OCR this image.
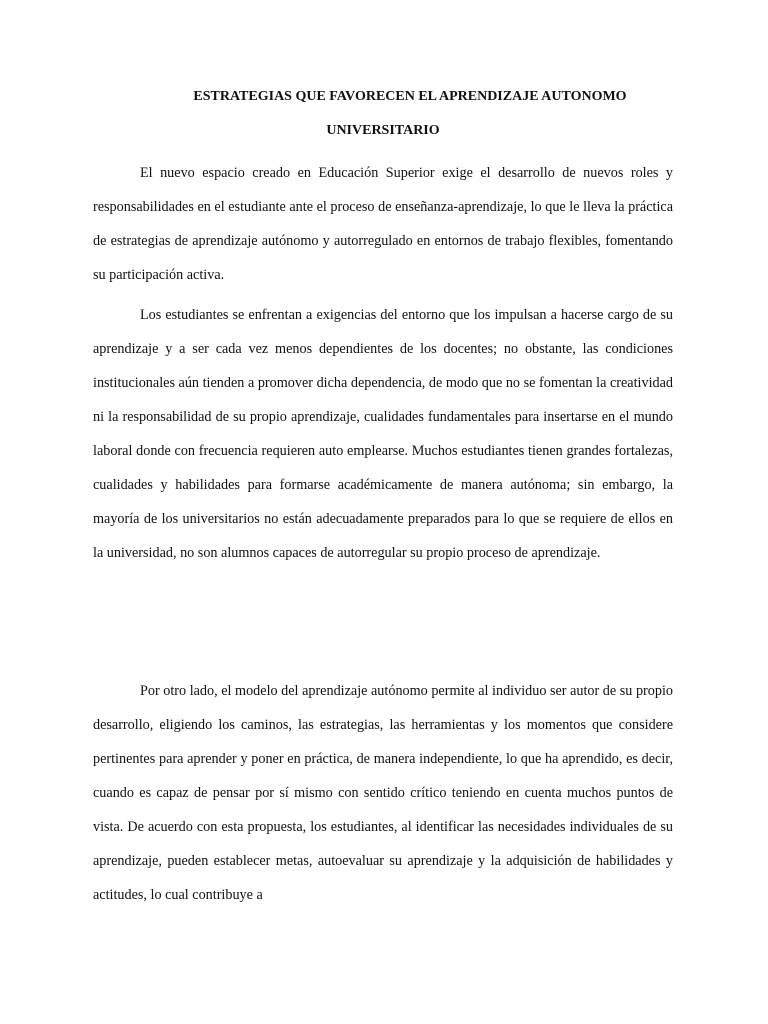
ESTRATEGIAS QUE FAVORECEN EL APRENDIZAJE AUTONOMO
UNIVERSITARIO

El nuevo espacio creado en Educación Superior exige el desarrollo de nuevos roles y responsabilidades en el estudiante ante el proceso de enseñanza-aprendizaje, lo que le lleva la práctica de estrategias de aprendizaje autónomo y autorregulado en entornos de trabajo flexibles, fomentando su participación activa.

Los estudiantes se enfrentan a exigencias del entorno que los impulsan a hacerse cargo de su aprendizaje y a ser cada vez menos dependientes de los docentes; no obstante, las condiciones institucionales aún tienden a promover dicha dependencia, de modo que no se fomentan la creatividad ni la responsabilidad de su propio aprendizaje, cualidades fundamentales para insertarse en el mundo laboral donde con frecuencia requieren auto emplearse. Muchos estudiantes tienen grandes fortalezas, cualidades y habilidades para formarse académicamente de manera autónoma; sin embargo, la mayoría de los universitarios no están adecuadamente preparados para lo que se requiere de ellos en la universidad, no son alumnos capaces de autorregular su propio proceso de aprendizaje.

Por otro lado, el modelo del aprendizaje autónomo permite al individuo ser autor de su propio desarrollo, eligiendo los caminos, las estrategias, las herramientas y los momentos que considere pertinentes para aprender y poner en práctica, de manera independiente, lo que ha aprendido, es decir, cuando es capaz de pensar por sí mismo con sentido crítico teniendo en cuenta muchos puntos de vista. De acuerdo con esta propuesta, los estudiantes, al identificar las necesidades individuales de su aprendizaje, pueden establecer metas, autoevaluar su aprendizaje y la adquisición de habilidades y actitudes, lo cual contribuye a
